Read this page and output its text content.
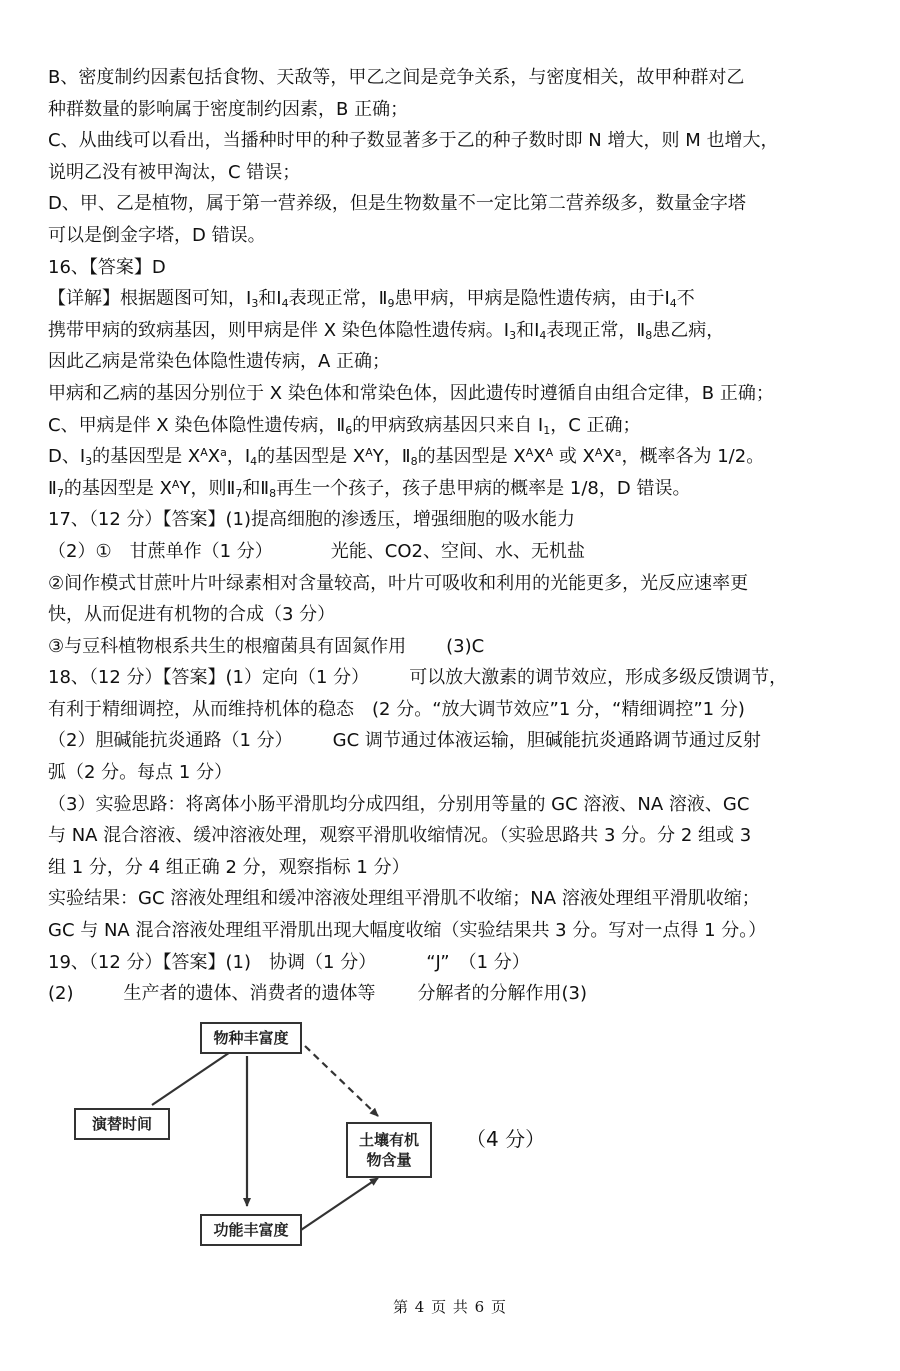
B、密度制约因素包括食物、天敌等，甲乙之间是竞争关系，与密度相关，故甲种群对乙
种群数量的影响属于密度制约因素，B 正确；
C、从曲线可以看出，当播种时甲的种子数显著多于乙的种子数时即 N 增大，则 M 也增大，
说明乙没有被甲淘汰，C 错误；
D、甲、乙是植物，属于第一营养级，但是生物数量不一定比第二营养级多，数量金字塔
可以是倒金字塔，D 错误。
16、【答案】D
【详解】根据题图可知，$Ⅰ_3$和$Ⅰ_4$表现正常，$Ⅱ_9$患甲病，甲病是隐性遗传病，由于$Ⅰ_4$不
携带甲病的致病基因，则甲病是伴 X 染色体隐性遗传病。$Ⅰ_3$和$Ⅰ_4$表现正常，$Ⅱ_8$患乙病，
因此乙病是常染色体隐性遗传病，A 正确；
甲病和乙病的基因分别位于 X 染色体和常染色体，因此遗传时遵循自由组合定律，B 正确；
C、甲病是伴 X 染色体隐性遗传病，$Ⅱ_6$的甲病致病基因只来自 $I_1$，C 正确；
D、$Ⅰ_3$的基因型是 $X^AX^a$，$Ⅰ_4$的基因型是 $X^AY$，$Ⅱ_8$的基因型是 $X^AX^A$ 或 $X^AX^a$，概率各为 1/2。
$Ⅱ_7$的基因型是 $X^AY$，则$Ⅱ_7$和$Ⅱ_8$再生一个孩子，孩子患甲病的概率是 1/8，D 错误。
17、（12 分）【答案】(1)提高细胞的渗透压，增强细胞的吸水能力
（2）①　甘蔗单作（1 分）	光能、CO2、空间、水、无机盐
②间作模式甘蔗叶片叶绿素相对含量较高，叶片可吸收和利用的光能更多，光反应速率更
快，从而促进有机物的合成（3 分）
③与豆科植物根系共生的根瘤菌具有固氮作用 (3)C
18、（12 分）【答案】(1）定向（1 分） 可以放大激素的调节效应，形成多级反馈调节，
有利于精细调控，从而维持机体的稳态　(2 分。“放大调节效应”1 分，“精细调控”1 分)
（2）胆碱能抗炎通路（1 分） GC 调节通过体液运输，胆碱能抗炎通路调节通过反射
弧（2 分。每点 1 分）
（3）实验思路：将离体小肠平滑肌均分成四组，分别用等量的 GC 溶液、NA 溶液、GC
与 NA 混合溶液、缓冲溶液处理，观察平滑肌收缩情况。（实验思路共 3 分。分 2 组或 3
组 1 分，分 4 组正确 2 分，观察指标 1 分）
实验结果：GC 溶液处理组和缓冲溶液处理组平滑肌不收缩；NA 溶液处理组平滑肌收缩；
GC 与 NA 混合溶液处理组平滑肌出现大幅度收缩（实验结果共 3 分。写对一点得 1 分。）
19、（12 分）【答案】(1)　协调（1 分）	“J”　（1 分）
(2)	生产者的遗体、消费者的遗体等 分解者的分解作用(3)
物种丰富度
演替时间
土壤有机
物含量
功能丰富度
（4 分）
第 4 页 共 6 页
